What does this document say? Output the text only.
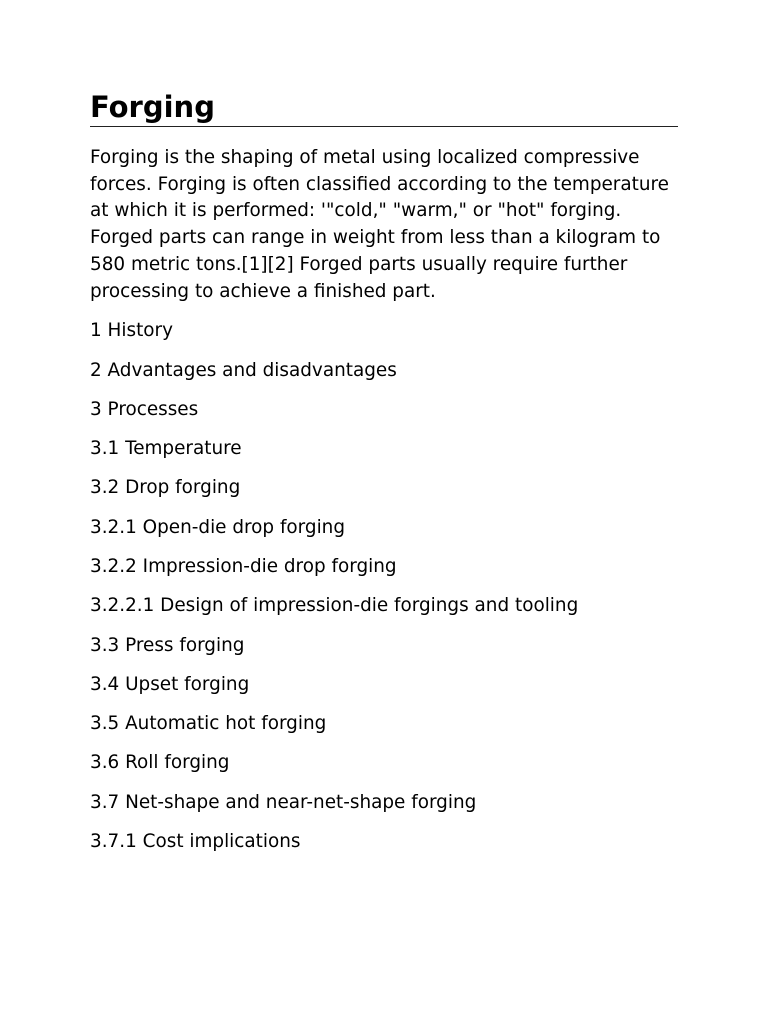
Forging

Forging is the shaping of metal using localized compressive forces. Forging is often classified according to the temperature at which it is performed: '"cold," "warm," or "hot" forging. Forged parts can range in weight from less than a kilogram to 580 metric tons.[1][2] Forged parts usually require further processing to achieve a finished part.

1 History
2 Advantages and disadvantages
3 Processes
3.1 Temperature
3.2 Drop forging
3.2.1 Open-die drop forging
3.2.2 Impression-die drop forging
3.2.2.1 Design of impression-die forgings and tooling
3.3 Press forging
3.4 Upset forging
3.5 Automatic hot forging
3.6 Roll forging
3.7 Net-shape and near-net-shape forging
3.7.1 Cost implications
